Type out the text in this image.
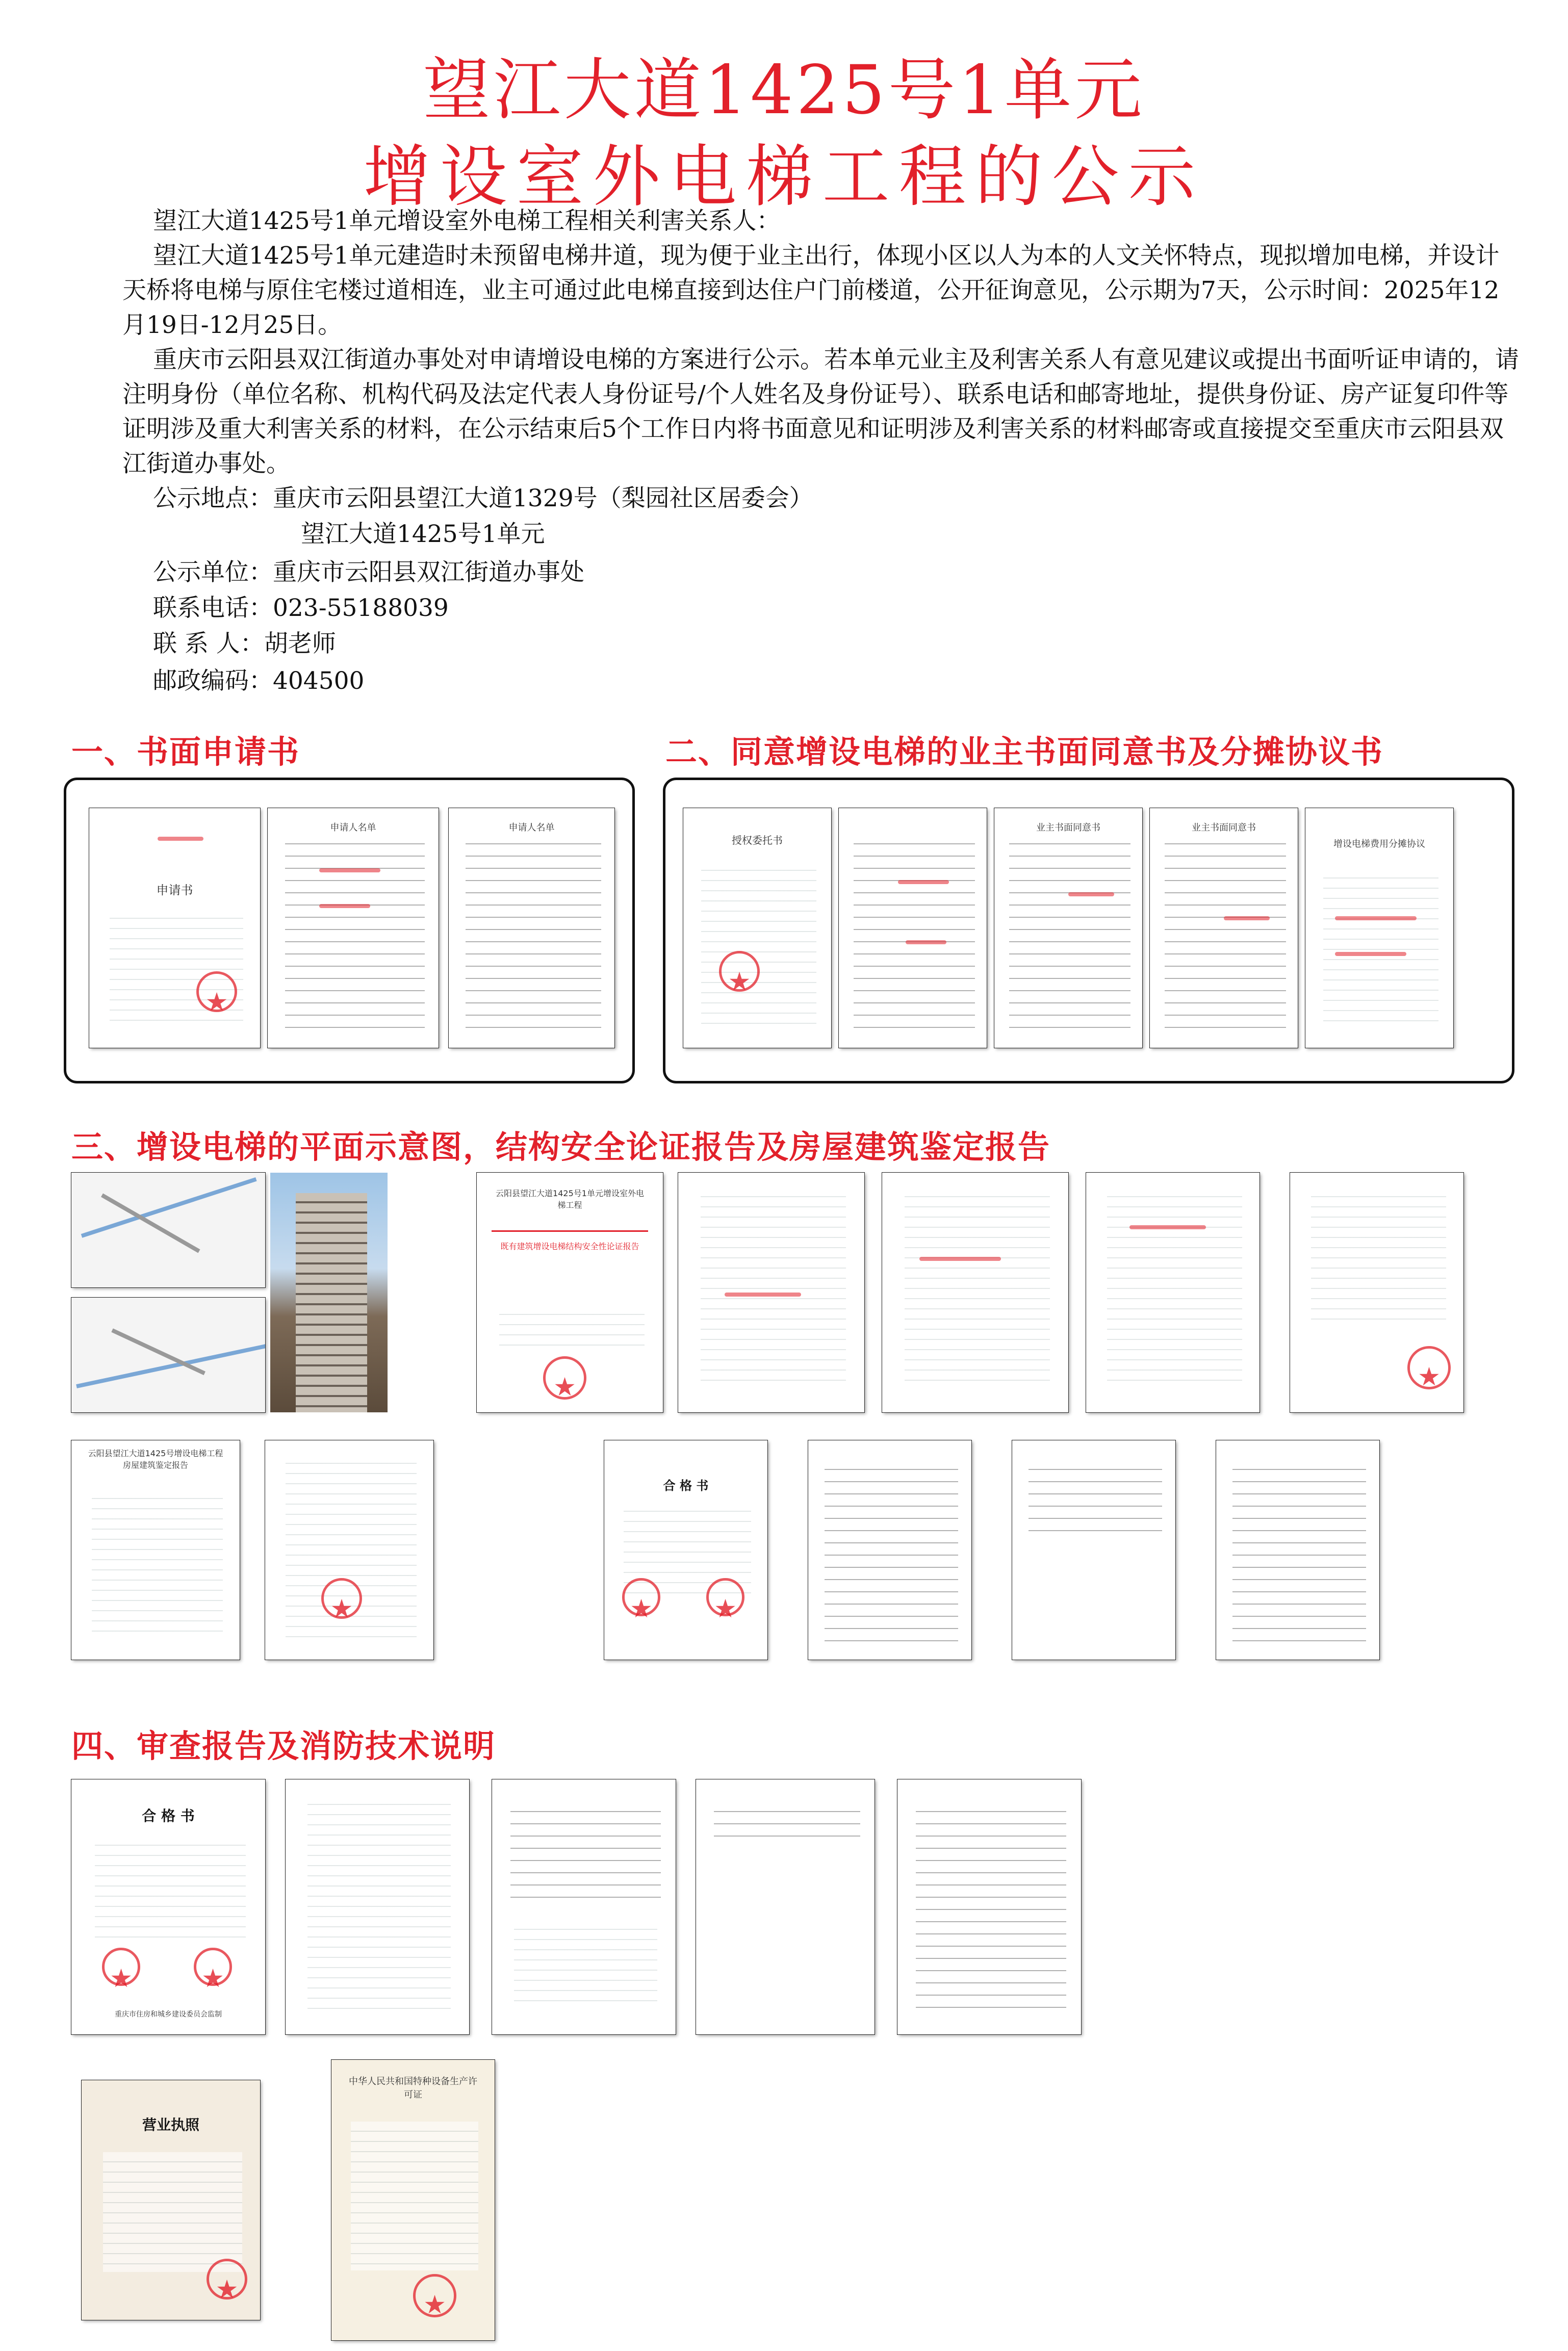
望江大道1425号1单元
增设室外电梯工程的公示
望江大道1425号1单元增设室外电梯工程相关利害关系人：
望江大道1425号1单元建造时未预留电梯井道，现为便于业主出行，体现小区以人为本的人文关怀特点，现拟增加电梯，并设计天桥将电梯与原住宅楼过道相连，业主可通过此电梯直接到达住户门前楼道，公开征询意见，公示期为7天，公示时间：2025年12月19日-12月25日。
重庆市云阳县双江街道办事处对申请增设电梯的方案进行公示。若本单元业主及利害关系人有意见建议或提出书面听证申请的，请注明身份（单位名称、机构代码及法定代表人身份证号/个人姓名及身份证号）、联系电话和邮寄地址，提供身份证、房产证复印件等证明涉及重大利害关系的材料，在公示结束后5个工作日内将书面意见和证明涉及利害关系的材料邮寄或直接提交至重庆市云阳县双江街道办事处。
公示地点：重庆市云阳县望江大道1329号（梨园社区居委会）
望江大道1425号1单元
公示单位：重庆市云阳县双江街道办事处
联系电话：023-55188039
联 系 人：胡老师
邮政编码：404500
一、书面申请书	二、同意增设电梯的业主书面同意书及分摊协议书
申请书
★
申请人名单	申请人名单
授权委托书
★
业主书面同意书	业主书面同意书
增设电梯费用分摊协议
三、增设电梯的平面示意图，结构安全论证报告及房屋建筑鉴定报告
云阳县望江大道1425号1单元增设室外电梯工程
既有建筑增设电梯结构安全性论证报告
★
★
云阳县望江大道1425号增设电梯工程房屋建筑鉴定报告
★
合 格 书
★
★
四、审查报告及消防技术说明
合 格 书
★
★
重庆市住房和城乡建设委员会监制
营业执照
★
中华人民共和国特种设备生产许可证
★
